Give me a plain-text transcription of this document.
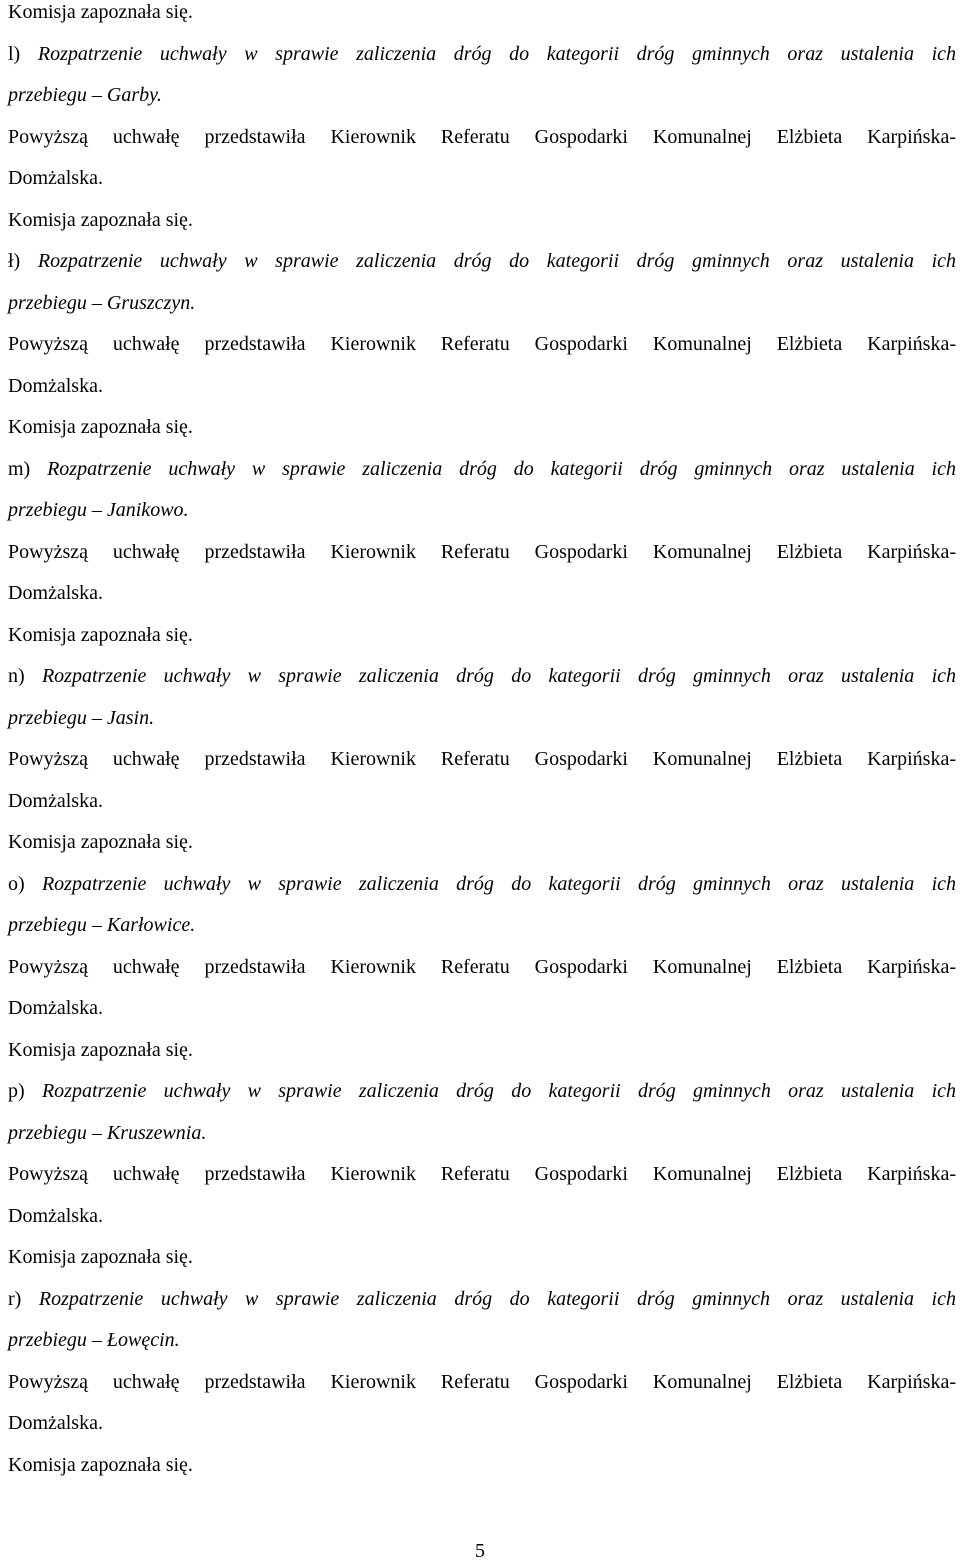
Komisja zapoznała się.
l) Rozpatrzenie uchwały w sprawie zaliczenia dróg do kategorii dróg gminnych oraz ustalenia ich
przebiegu – Garby.
Powyższą uchwałę przedstawiła Kierownik Referatu Gospodarki Komunalnej Elżbieta Karpińska-
Domżalska.
Komisja zapoznała się.
ł) Rozpatrzenie uchwały w sprawie zaliczenia dróg do kategorii dróg gminnych oraz ustalenia ich
przebiegu – Gruszczyn.
Powyższą uchwałę przedstawiła Kierownik Referatu Gospodarki Komunalnej Elżbieta Karpińska-
Domżalska.
Komisja zapoznała się.
m) Rozpatrzenie uchwały w sprawie zaliczenia dróg do kategorii dróg gminnych oraz ustalenia ich
przebiegu – Janikowo.
Powyższą uchwałę przedstawiła Kierownik Referatu Gospodarki Komunalnej Elżbieta Karpińska-
Domżalska.
Komisja zapoznała się.
n) Rozpatrzenie uchwały w sprawie zaliczenia dróg do kategorii dróg gminnych oraz ustalenia ich
przebiegu – Jasin.
Powyższą uchwałę przedstawiła Kierownik Referatu Gospodarki Komunalnej Elżbieta Karpińska-
Domżalska.
Komisja zapoznała się.
o) Rozpatrzenie uchwały w sprawie zaliczenia dróg do kategorii dróg gminnych oraz ustalenia ich
przebiegu – Karłowice.
Powyższą uchwałę przedstawiła Kierownik Referatu Gospodarki Komunalnej Elżbieta Karpińska-
Domżalska.
Komisja zapoznała się.
p) Rozpatrzenie uchwały w sprawie zaliczenia dróg do kategorii dróg gminnych oraz ustalenia ich
przebiegu – Kruszewnia.
Powyższą uchwałę przedstawiła Kierownik Referatu Gospodarki Komunalnej Elżbieta Karpińska-
Domżalska.
Komisja zapoznała się.
r) Rozpatrzenie uchwały w sprawie zaliczenia dróg do kategorii dróg gminnych oraz ustalenia ich
przebiegu – Łowęcin.
Powyższą uchwałę przedstawiła Kierownik Referatu Gospodarki Komunalnej Elżbieta Karpińska-
Domżalska.
Komisja zapoznała się.
5
